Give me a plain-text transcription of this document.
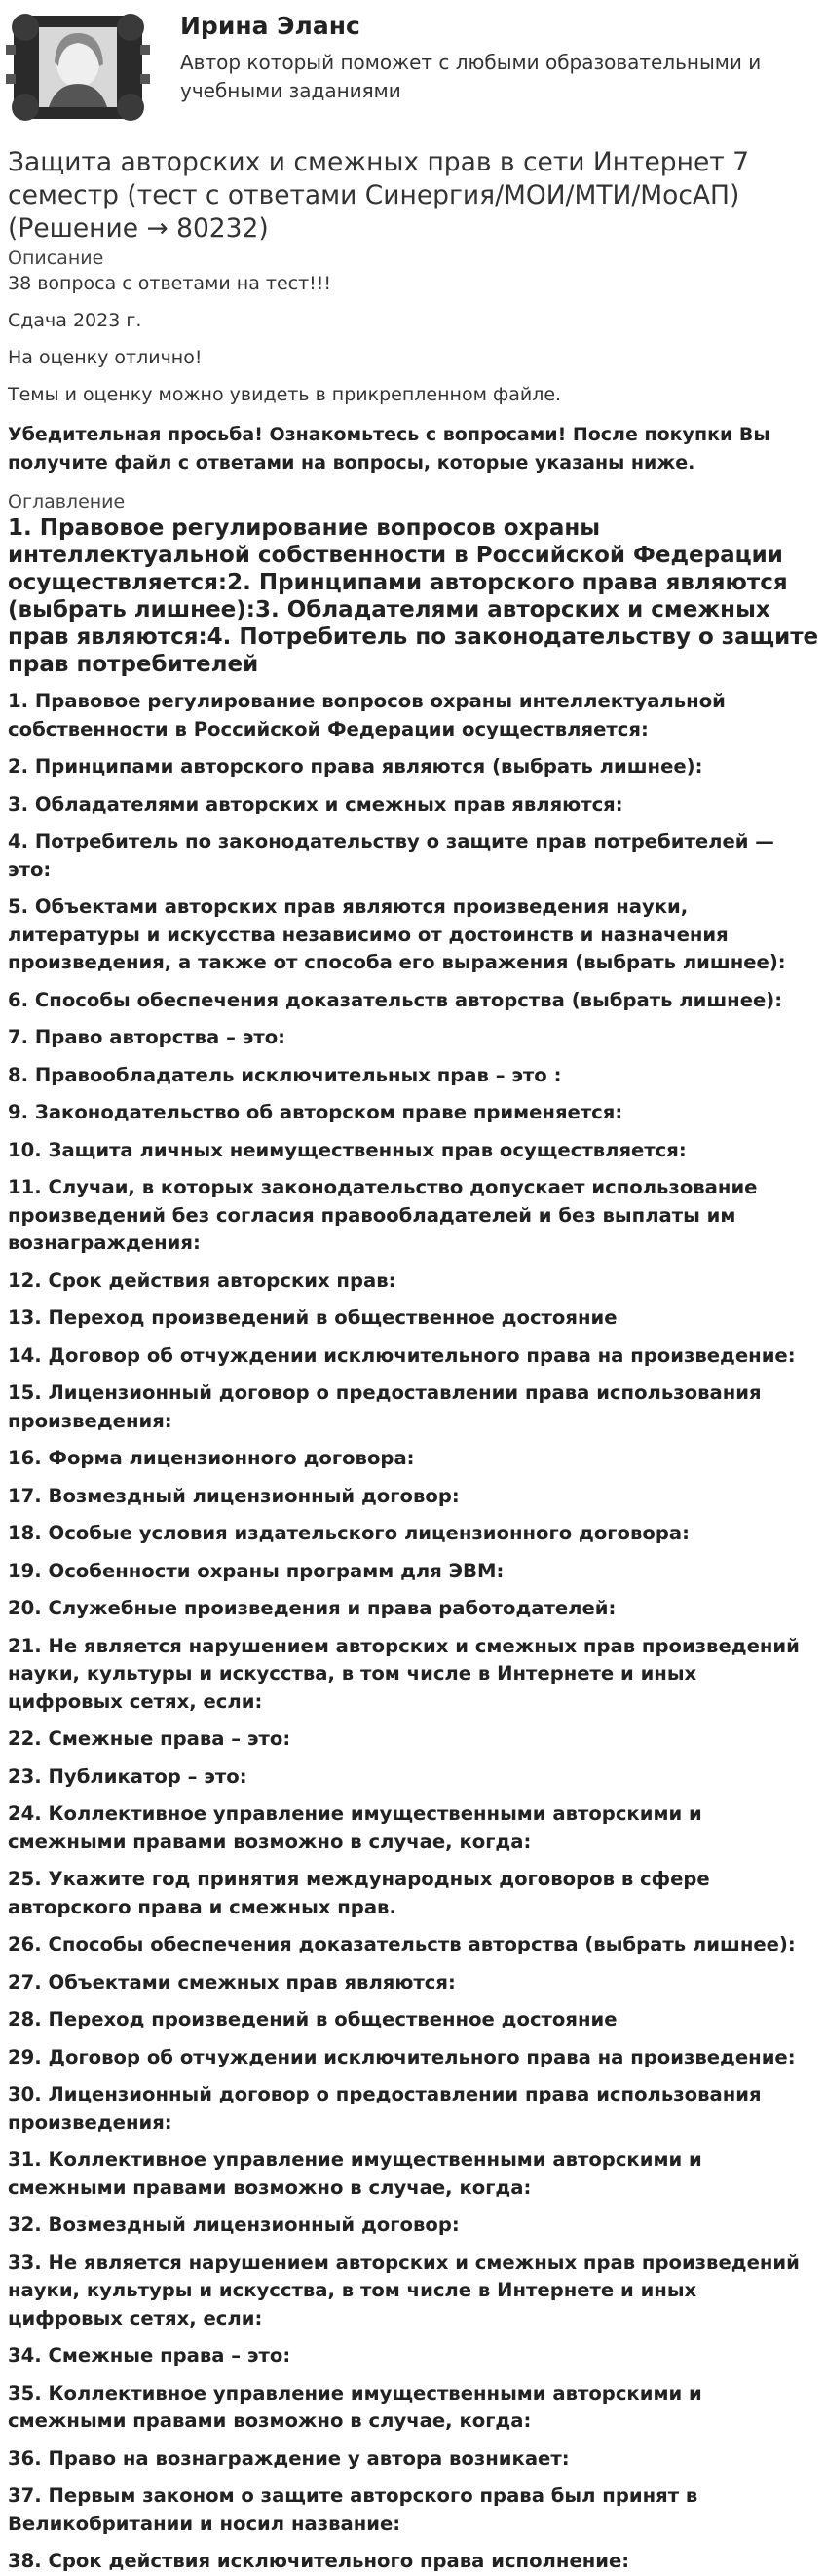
Ирина Эланс
Автор который поможет с любыми образовательными и учебными заданиями
Защита авторских и смежных прав в сети Интернет 7 семестр (тест с ответами Синергия/МОИ/МТИ/МосАП) (Решение → 80232)
Описание

38 вопроса с ответами на тест!!!

Сдача 2023 г.

На оценку отлично!

Темы и оценку можно увидеть в прикрепленном файле.

Убедительная просьба! Ознакомьтесь с вопросами! После покупки Вы получите файл с ответами на вопросы, которые указаны ниже.

Оглавление
1. Правовое регулирование вопросов охраны интеллектуальной собственности в Российской Федерации осуществляется:2. Принципами авторского права являются (выбрать лишнее):3. Обладателями авторских и смежных прав являются:4. Потребитель по законодательству о защите прав потребителей
1. Правовое регулирование вопросов охраны интеллектуальной собственности в Российской Федерации осуществляется:
2. Принципами авторского права являются (выбрать лишнее):
3. Обладателями авторских и смежных прав являются:
4. Потребитель по законодательству о защите прав потребителей — это:
5. Объектами авторских прав являются произведения науки, литературы и искусства независимо от достоинств и назначения произведения, а также от способа его выражения (выбрать лишнее):
6. Способы обеспечения доказательств авторства (выбрать лишнее):
7. Право авторства – это:
8. Правообладатель исключительных прав – это :
9. Законодательство об авторском праве применяется:
10. Защита личных неимущественных прав осуществляется:
11. Случаи, в которых законодательство допускает использование произведений без согласия правообладателей и без выплаты им вознаграждения:
12. Срок действия авторских прав:
13. Переход произведений в общественное достояние
14. Договор об отчуждении исключительного права на произведение:
15. Лицензионный договор о предоставлении права использования произведения:
16. Форма лицензионного договора:
17. Возмездный лицензионный договор:
18. Особые условия издательского лицензионного договора:
19. Особенности охраны программ для ЭВМ:
20. Служебные произведения и права работодателей:
21. Не является нарушением авторских и смежных прав произведений науки, культуры и искусства, в том числе в Интернете и иных цифровых сетях, если:
22. Смежные права – это:
23. Публикатор – это:
24. Коллективное управление имущественными авторскими и смежными правами возможно в случае, когда:
25. Укажите год принятия международных договоров в сфере авторского права и смежных прав.
26. Способы обеспечения доказательств авторства (выбрать лишнее):
27. Объектами смежных прав являются:
28. Переход произведений в общественное достояние
29. Договор об отчуждении исключительного права на произведение:
30. Лицензионный договор о предоставлении права использования произведения:
31. Коллективное управление имущественными авторскими и смежными правами возможно в случае, когда:
32. Возмездный лицензионный договор:
33. Не является нарушением авторских и смежных прав произведений науки, культуры и искусства, в том числе в Интернете и иных цифровых сетях, если:
34. Смежные права – это:
35. Коллективное управление имущественными авторскими и смежными правами возможно в случае, когда:
36. Право на вознаграждение у автора возникает:
37. Первым законом о защите авторского права был принят в Великобритании и носил название:
38. Срок действия исключительного права исполнение:
